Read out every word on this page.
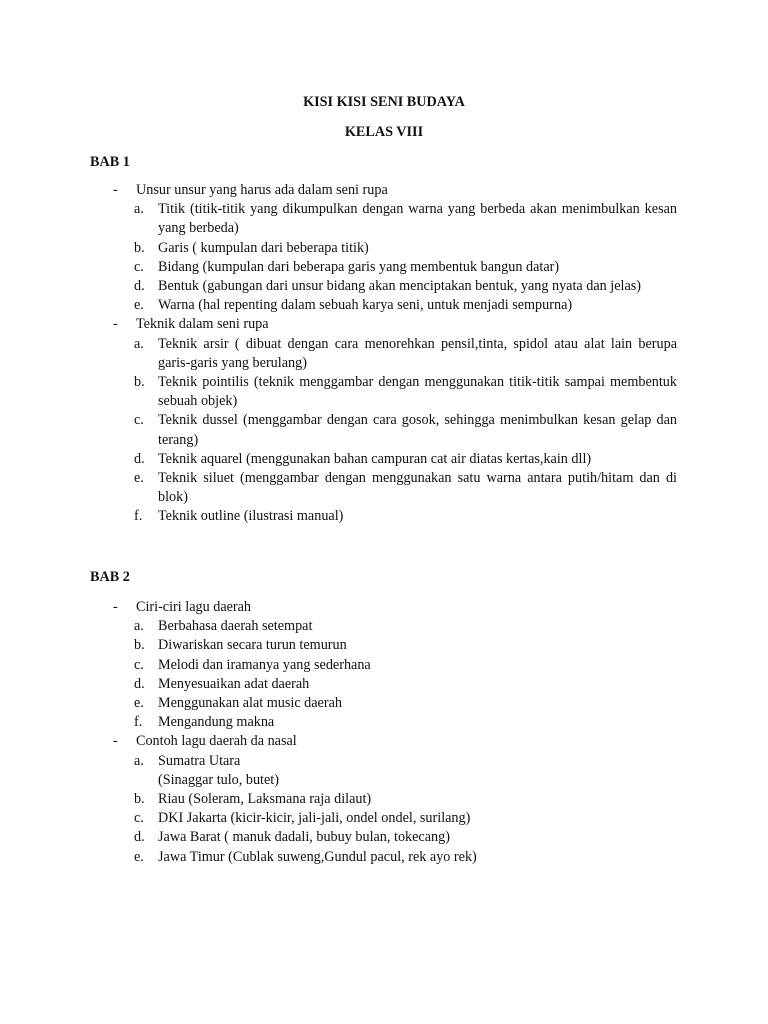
KISI KISI SENI BUDAYA
KELAS VIII
BAB 1
-	Unsur unsur yang harus ada dalam seni rupa
a. Titik (titik-titik yang dikumpulkan dengan warna yang berbeda akan menimbulkan kesan yang berbeda)
b. Garis ( kumpulan dari beberapa titik)
c. Bidang (kumpulan dari beberapa garis yang membentuk bangun datar)
d. Bentuk (gabungan dari unsur bidang akan menciptakan bentuk, yang nyata dan jelas)
e. Warna (hal repenting dalam sebuah karya seni, untuk menjadi sempurna)
-	Teknik dalam seni rupa
a. Teknik arsir ( dibuat dengan cara menorehkan pensil,tinta, spidol atau alat lain berupa garis-garis yang berulang)
b. Teknik pointilis (teknik menggambar dengan menggunakan titik-titik sampai membentuk sebuah objek)
c. Teknik dussel (menggambar dengan cara gosok, sehingga menimbulkan kesan gelap dan terang)
d. Teknik aquarel (menggunakan bahan campuran cat air diatas kertas,kain dll)
e. Teknik siluet (menggambar dengan menggunakan satu warna antara putih/hitam dan di blok)
f. Teknik outline (ilustrasi manual)
BAB 2
-	Ciri-ciri lagu daerah
a. Berbahasa daerah setempat
b. Diwariskan secara turun temurun
c. Melodi dan iramanya yang sederhana
d. Menyesuaikan adat daerah
e. Menggunakan alat music daerah
f. Mengandung makna
-	Contoh lagu daerah da nasal
a. Sumatra Utara
(Sinaggar tulo, butet)
b. Riau (Soleram, Laksmana raja dilaut)
c. DKI Jakarta (kicir-kicir, jali-jali, ondel ondel, surilang)
d. Jawa Barat ( manuk dadali, bubuy bulan, tokecang)
e. Jawa Timur (Cublak suweng,Gundul pacul, rek ayo rek)
